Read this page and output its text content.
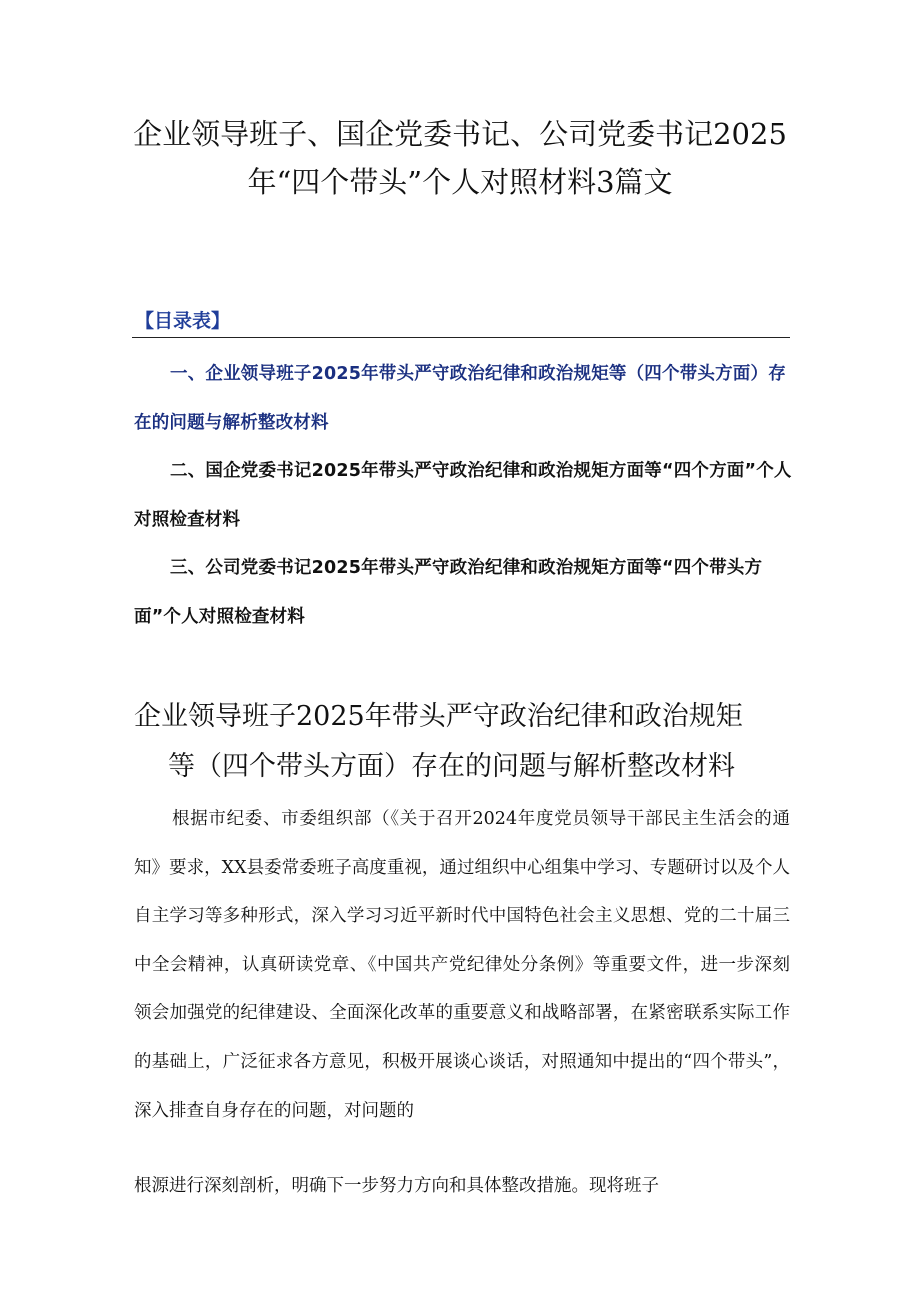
企业领导班子、国企党委书记、公司党委书记2025
年“四个带头”个人对照材料3篇文
【目录表】
一、企业领导班子2025年带头严守政治纪律和政治规矩等（四个带头方面）存在的问题与解析整改材料
二、国企党委书记2025年带头严守政治纪律和政治规矩方面等“四个方面”个人对照检查材料
三、公司党委书记2025年带头严守政治纪律和政治规矩方面等“四个带头方面”个人对照检查材料
企业领导班子2025年带头严守政治纪律和政治规矩
等（四个带头方面）存在的问题与解析整改材料

根据市纪委、市委组织部（《关于召开2024年度党员领导干部民主生活会的通知》要求，XX县委常委班子高度重视，通过组织中心组集中学习、专题研讨以及个人自主学习等多种形式，深入学习习近平新时代中国特色社会主义思想、党的二十届三中全会精神，认真研读党章、《中国共产党纪律处分条例》等重要文件，进一步深刻领会加强党的纪律建设、全面深化改革的重要意义和战略部署，在紧密联系实际工作的基础上，广泛征求各方意见，积极开展谈心谈话，对照通知中提出的“四个带头”，深入排查自身存在的问题，对问题的

根源进行深刻剖析，明确下一步努力方向和具体整改措施。现将班子
